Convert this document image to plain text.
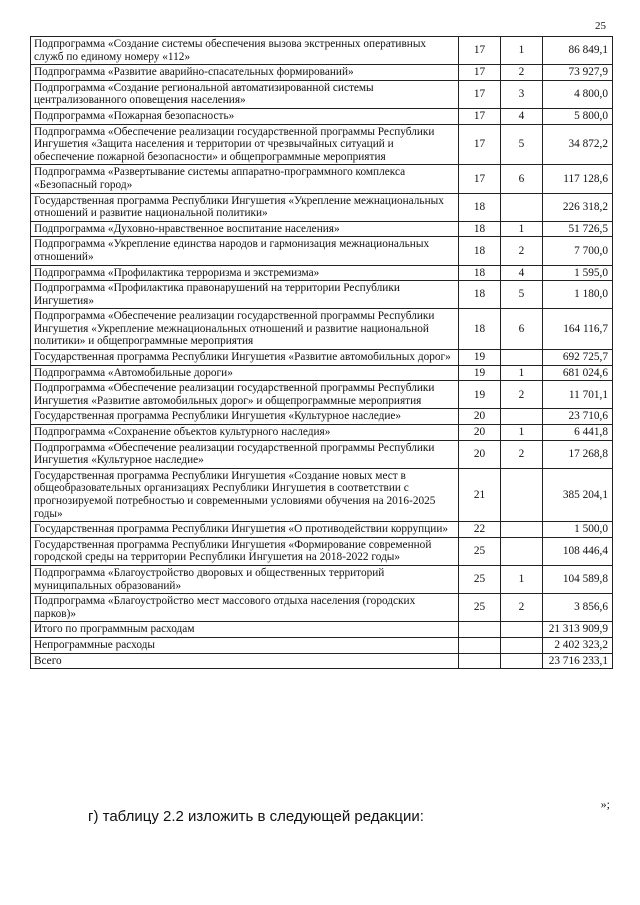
25
Подпрограмма «Создание системы обеспечения вызова экстренных оперативных служб по единому номеру «112»	17	1	86 849,1
Подпрограмма «Развитие аварийно-спасательных формирований»	17	2	73 927,9
Подпрограмма «Создание региональной автоматизированной системы централизованного оповещения населения»	17	3	4 800,0
Подпрограмма «Пожарная безопасность»	17	4	5 800,0
Подпрограмма «Обеспечение реализации государственной программы Республики Ингушетия «Защита населения и территории от чрезвычайных ситуаций и обеспечение пожарной безопасности» и общепрограммные мероприятия	17	5	34 872,2
Подпрограмма «Развертывание системы аппаратно-программного комплекса «Безопасный город»	17	6	117 128,6
Государственная программа Республики Ингушетия «Укрепление межнациональных отношений и развитие национальной политики»	18		226 318,2
Подпрограмма «Духовно-нравственное воспитание населения»	18	1	51 726,5
Подпрограмма «Укрепление единства народов и гармонизация межнациональных отношений»	18	2	7 700,0
Подпрограмма «Профилактика терроризма и экстремизма»	18	4	1 595,0
Подпрограмма «Профилактика правонарушений на территории Республики Ингушетия»	18	5	1 180,0
Подпрограмма «Обеспечение реализации государственной программы Республики Ингушетия «Укрепление межнациональных отношений и развитие национальной политики» и общепрограммные мероприятия	18	6	164 116,7
Государственная программа Республики Ингушетия «Развитие автомобильных дорог»	19		692 725,7
Подпрограмма «Автомобильные дороги»	19	1	681 024,6
Подпрограмма «Обеспечение реализации государственной программы Республики Ингушетия «Развитие автомобильных дорог» и общепрограммные мероприятия	19	2	11 701,1
Государственная программа Республики Ингушетия «Культурное наследие»	20		23 710,6
Подпрограмма «Сохранение объектов культурного наследия»	20	1	6 441,8
Подпрограмма «Обеспечение реализации государственной программы Республики Ингушетия «Культурное наследие»	20	2	17 268,8
Государственная программа Республики Ингушетия «Создание новых мест в общеобразовательных организациях Республики Ингушетия в соответствии с прогнозируемой потребностью и современными условиями обучения на 2016-2025 годы»	21		385 204,1
Государственная программа Республики Ингушетия «О противодействии коррупции»	22		1 500,0
Государственная программа Республики Ингушетия «Формирование современной городской среды на территории Республики Ингушетия на 2018-2022 годы»	25		108 446,4
Подпрограмма «Благоустройство дворовых и общественных территорий муниципальных образований»	25	1	104 589,8
Подпрограмма «Благоустройство мест массового отдыха населения (городских парков)»	25	2	3 856,6
Итого по программным расходам			21 313 909,9
Непрограммные расходы			2 402 323,2
Всего			23 716 233,1
»;
г) таблицу 2.2 изложить в следующей редакции:
